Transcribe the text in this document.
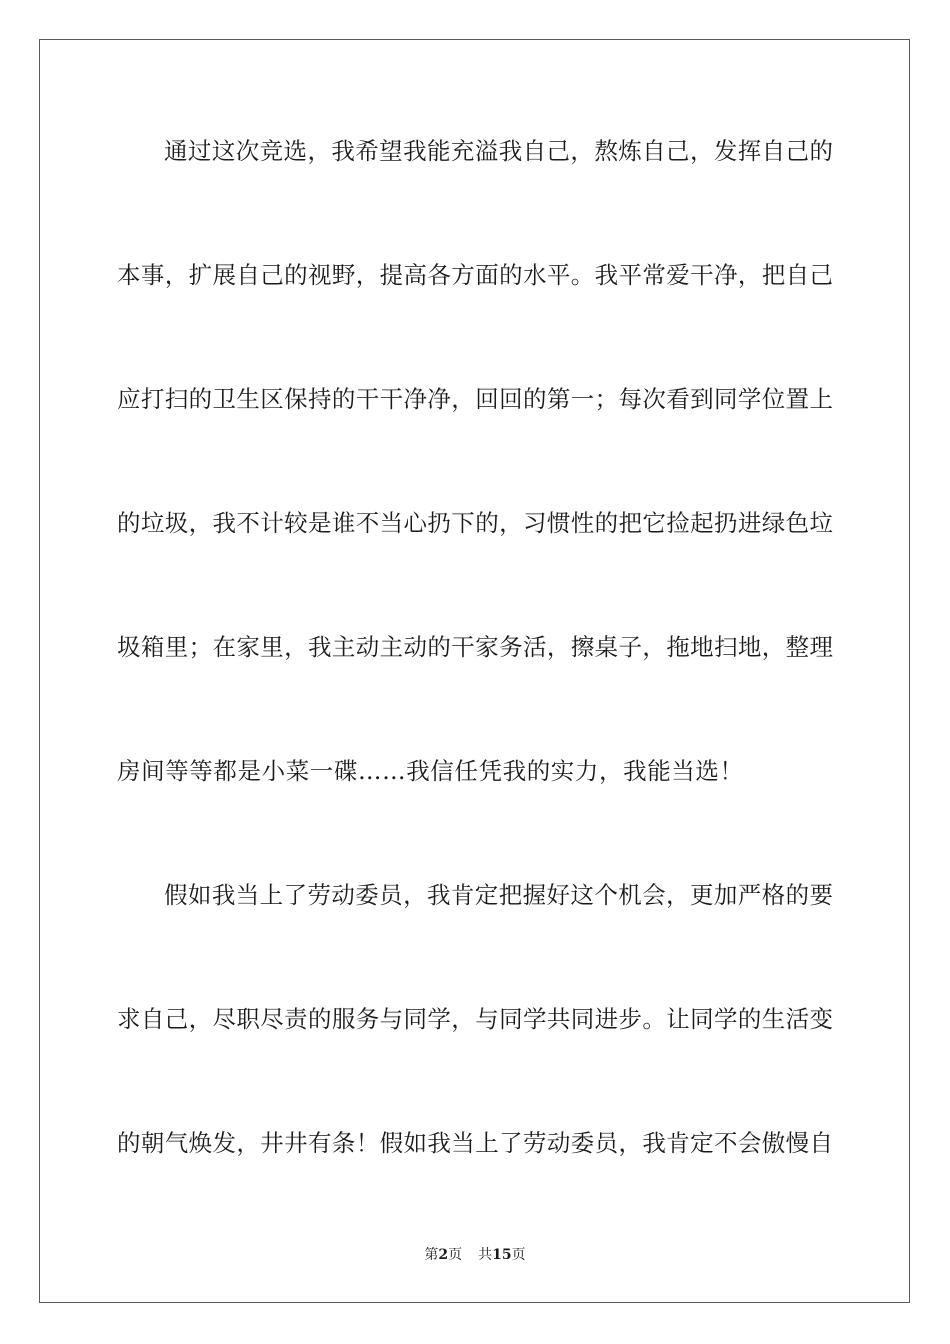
通过这次竞选，我希望我能充溢我自己，熬炼自己，发挥自己的
本事，扩展自己的视野，提高各方面的水平。我平常爱干净，把自己
应打扫的卫生区保持的干干净净，回回的第一；每次看到同学位置上
的垃圾，我不计较是谁不当心扔下的，习惯性的把它捡起扔进绿色垃
圾箱里；在家里，我主动主动的干家务活，擦桌子，拖地扫地，整理
房间等等都是小菜一碟……我信任凭我的实力，我能当选！
假如我当上了劳动委员，我肯定把握好这个机会，更加严格的要
求自己，尽职尽责的服务与同学，与同学共同进步。让同学的生活变
的朝气焕发，井井有条！假如我当上了劳动委员，我肯定不会傲慢自
第2页 共15页
